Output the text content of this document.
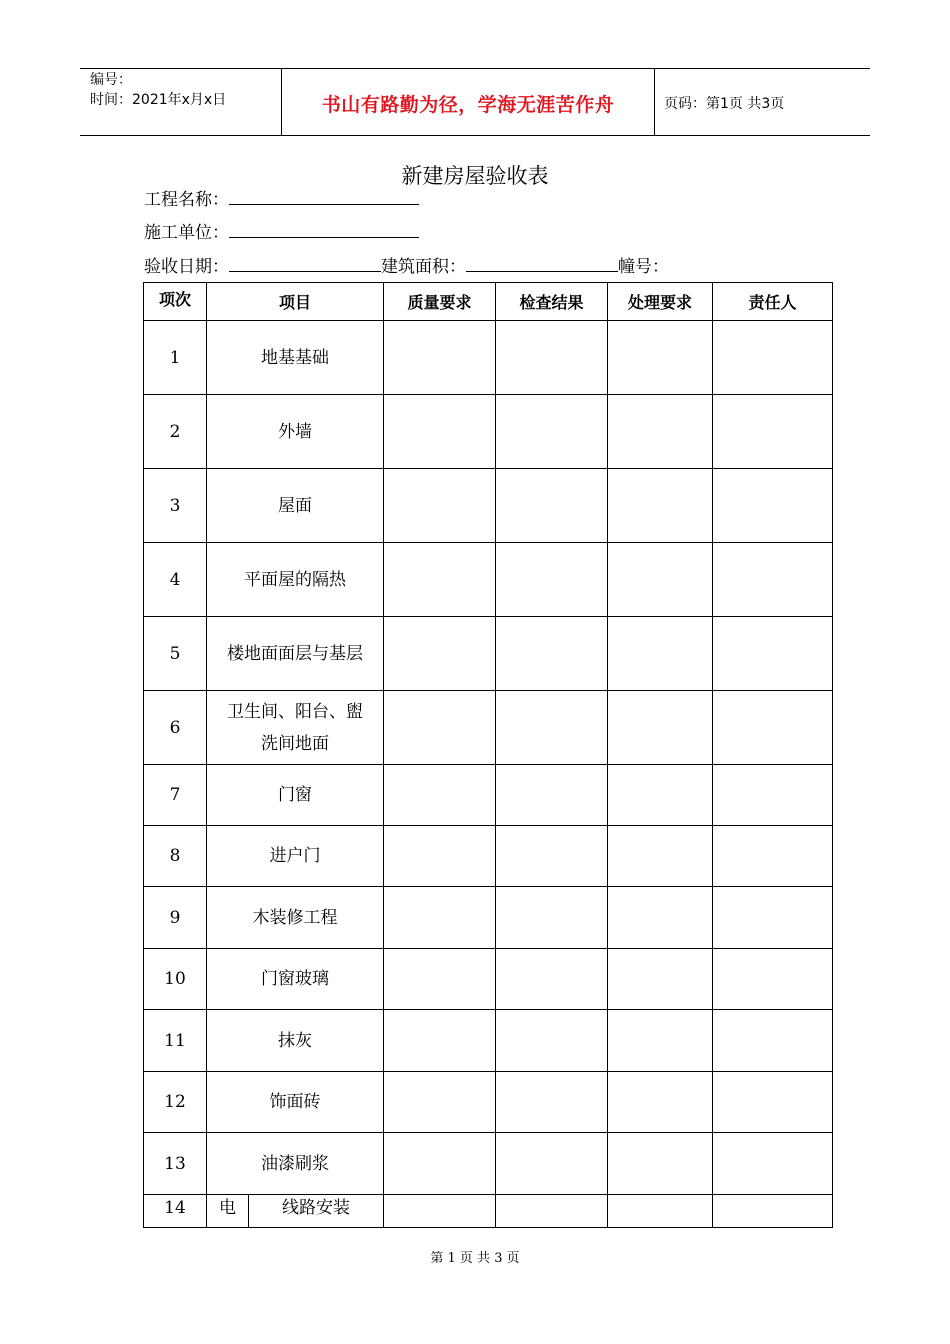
编号：
时间：2021年x月x日	书山有路勤为径，学海无涯苦作舟	页码：第1页 共3页
新建房屋验收表
工程名称：
施工单位：
验收日期：	建筑面积：	幢号：
项次	项目	质量要求	检查结果	处理要求	责任人
1	地基基础				
2	外墙				
3	屋面				
4	平面屋的隔热				
5	楼地面面层与基层				
6	卫生间、阳台、盥洗间地面				
7	门窗				
8	进户门				
9	木装修工程				
10	门窗玻璃				
11	抹灰				
12	饰面砖				
13	油漆刷浆				
14	电 线路安装				

第 1 页 共 3 页
